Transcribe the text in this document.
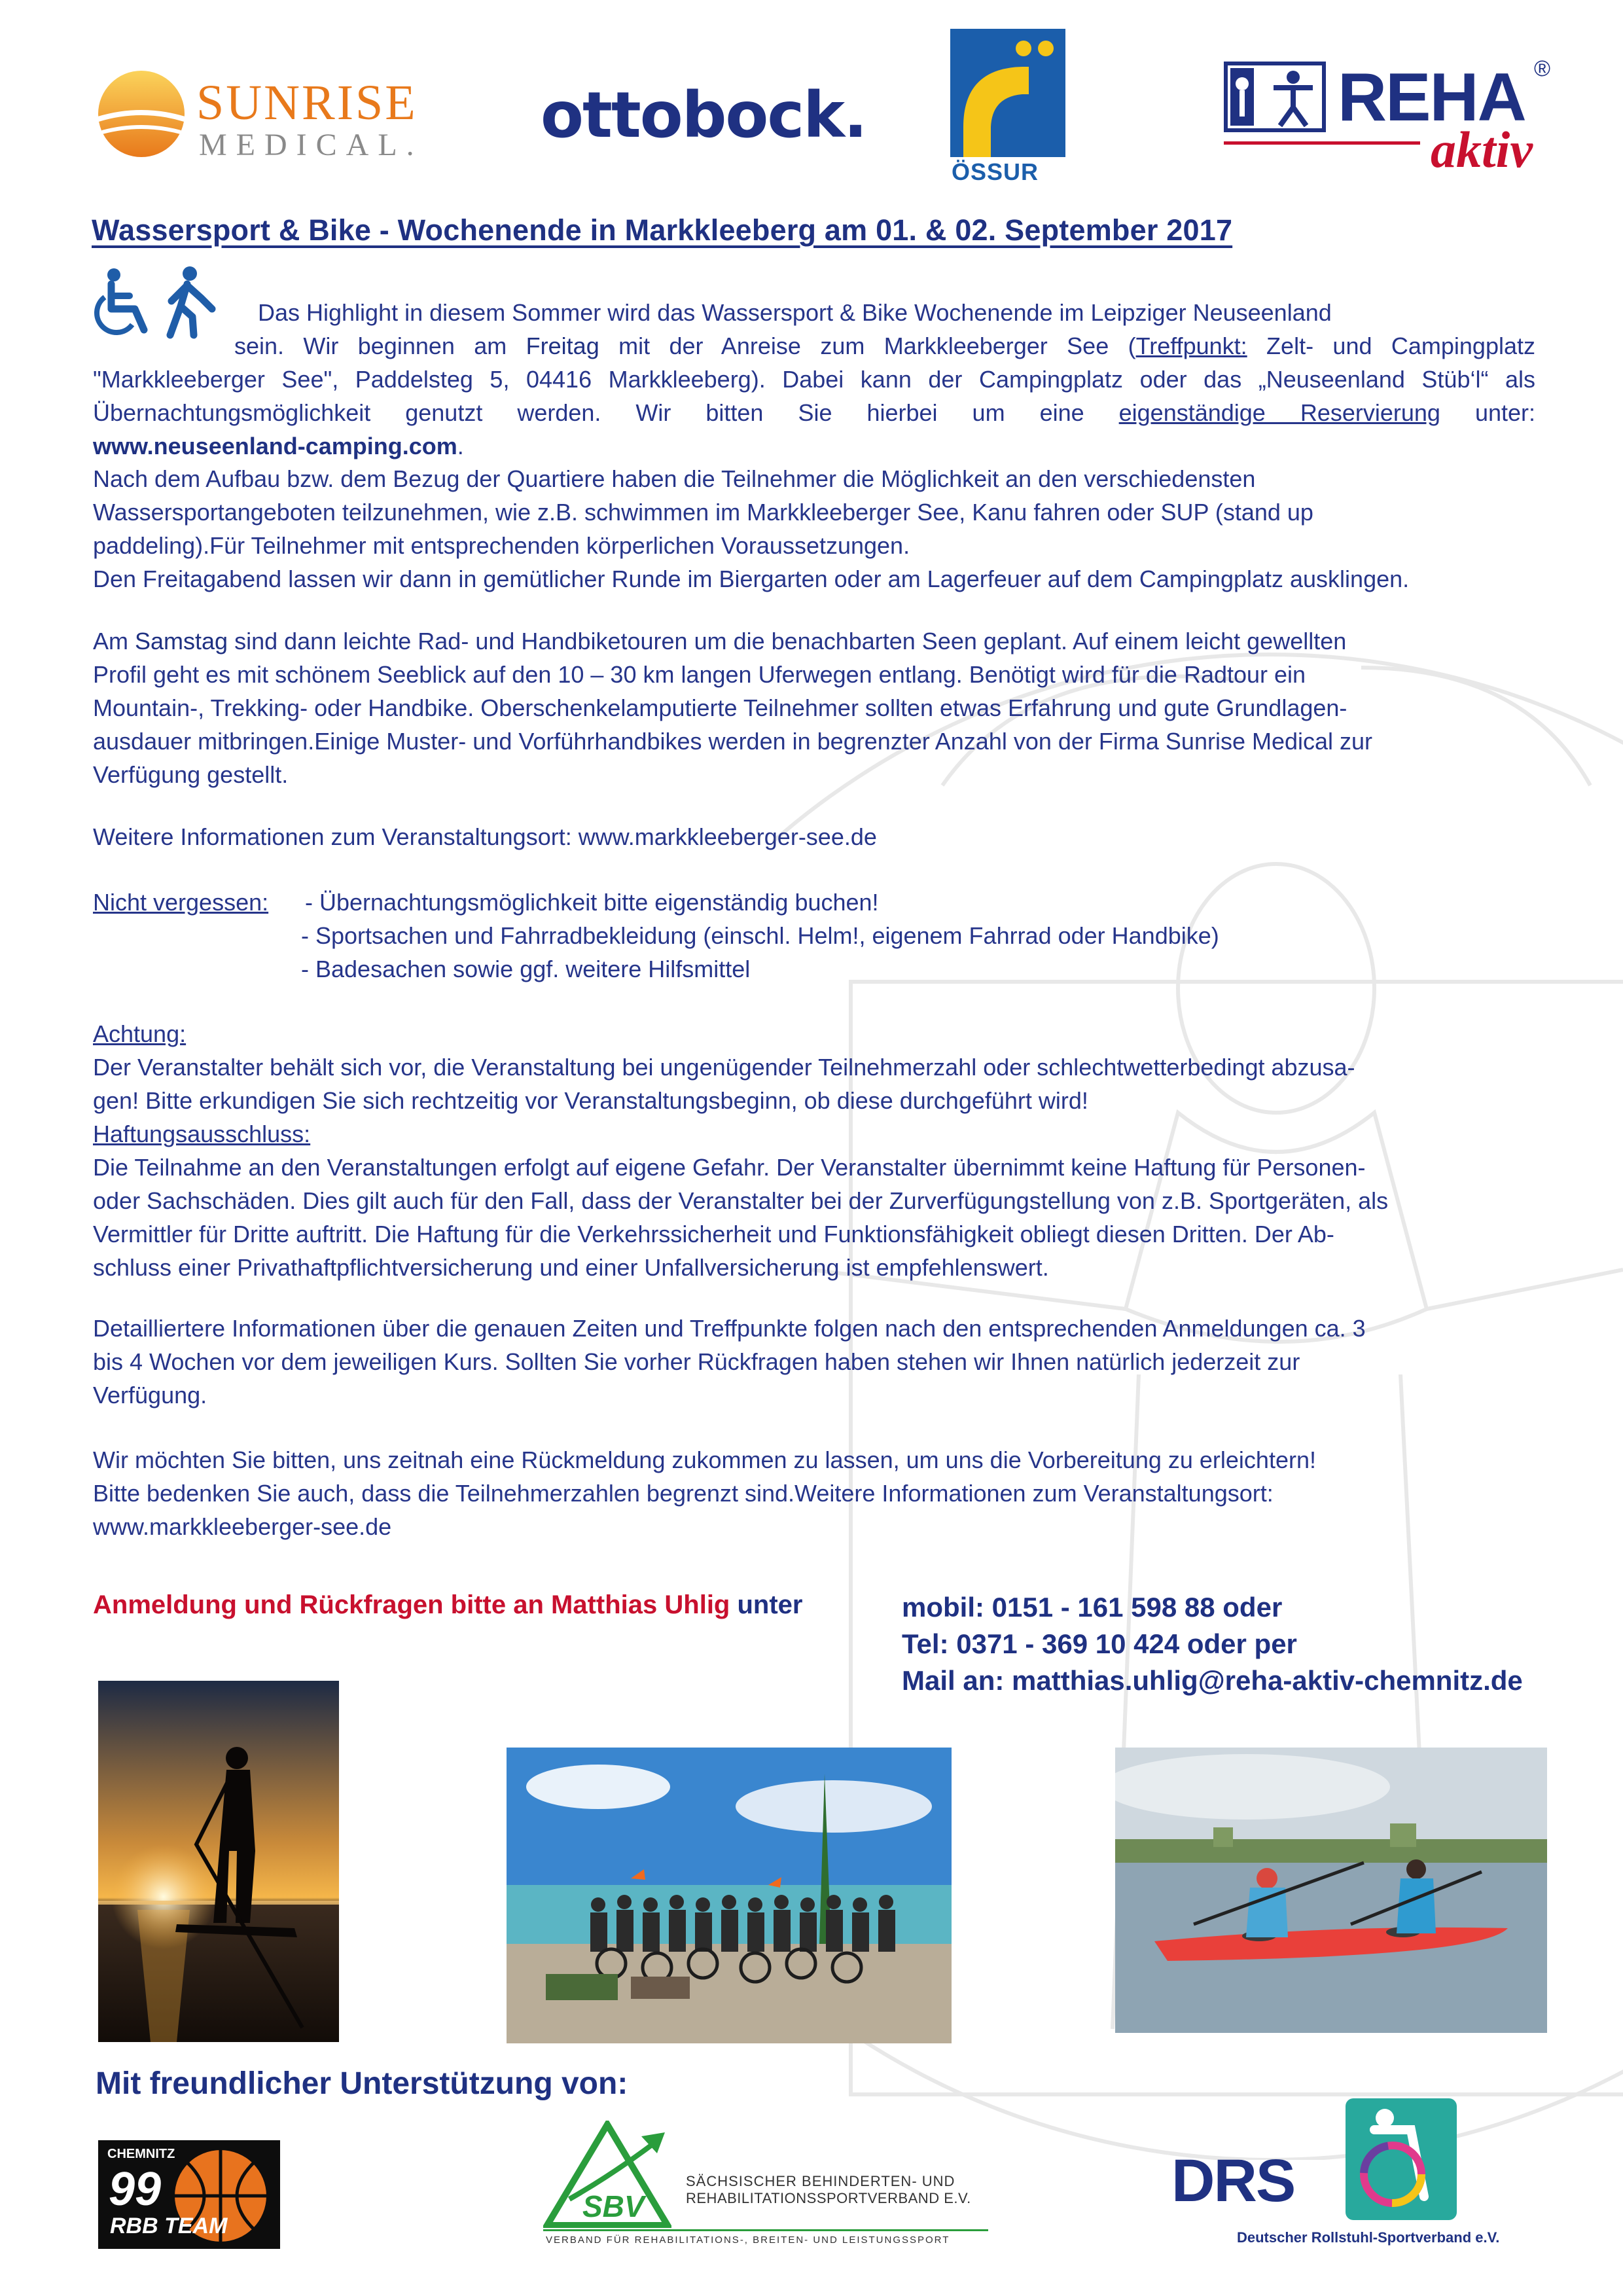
SUNRISE
MEDICAL. ottobock.
ÖSSUR
REHA ®
aktiv
Wassersport & Bike - Wochenende in Markkleeberg am 01. & 02. September 2017

Das Highlight in diesem Sommer wird das Wassersport & Bike Wochenende im Leipziger Neuseenland

sein. Wir beginnen am Freitag mit der Anreise zum Markkleeberger See (Treffpunkt: Zelt- und Campingplatz

"Markkleeberger See", Paddelsteg 5, 04416 Markkleeberg). Dabei kann der Campingplatz oder das „Neuseenland Stüb‘l“ als

Übernachtungsmöglichkeit genutzt werden. Wir bitten Sie hierbei um eine eigenständige Reservierung unter:

www.neuseenland-camping.com.

Nach dem Aufbau bzw. dem Bezug der Quartiere haben die Teilnehmer die Möglichkeit an den verschiedensten

Wassersportangeboten teilzunehmen, wie z.B. schwimmen im Markkleeberger See, Kanu fahren oder SUP (stand up

paddeling).Für Teilnehmer mit entsprechenden körperlichen Voraussetzungen.

Den Freitagabend lassen wir dann in gemütlicher Runde im Biergarten oder am Lagerfeuer auf dem Campingplatz ausklingen.

Am Samstag sind dann leichte Rad- und Handbiketouren um die benachbarten Seen geplant. Auf einem leicht gewellten

Profil geht es mit schönem Seeblick auf den 10 – 30 km langen Uferwegen entlang. Benötigt wird für die Radtour ein

Mountain-, Trekking- oder Handbike. Oberschenkelamputierte Teilnehmer sollten etwas Erfahrung und gute Grundlagen-

ausdauer mitbringen.Einige Muster- und Vorführhandbikes werden in begrenzter Anzahl von der Firma Sunrise Medical zur

Verfügung gestellt.

Weitere Informationen zum Veranstaltungsort: www.markkleeberger-see.de

Nicht vergessen: - Übernachtungsmöglichkeit bitte eigenständig buchen!
- Sportsachen und Fahrradbekleidung (einschl. Helm!, eigenem Fahrrad oder Handbike)
- Badesachen sowie ggf. weitere Hilfsmittel

Achtung:

Der Veranstalter behält sich vor, die Veranstaltung bei ungenügender Teilnehmerzahl oder schlechtwetterbedingt abzusa-

gen! Bitte erkundigen Sie sich rechtzeitig vor Veranstaltungsbeginn, ob diese durchgeführt wird!

Haftungsausschluss:

Die Teilnahme an den Veranstaltungen erfolgt auf eigene Gefahr. Der Veranstalter übernimmt keine Haftung für Personen-

oder Sachschäden. Dies gilt auch für den Fall, dass der Veranstalter bei der Zurverfügungstellung von z.B. Sportgeräten, als

Vermittler für Dritte auftritt. Die Haftung für die Verkehrssicherheit und Funktionsfähigkeit obliegt diesen Dritten. Der Ab-

schluss einer Privathaftpflichtversicherung und einer Unfallversicherung ist empfehlenswert.

Detailliertere Informationen über die genauen Zeiten und Treffpunkte folgen nach den entsprechenden Anmeldungen ca. 3

bis 4 Wochen vor dem jeweiligen Kurs. Sollten Sie vorher Rückfragen haben stehen wir Ihnen natürlich jederzeit zur

Verfügung.

Wir möchten Sie bitten, uns zeitnah eine Rückmeldung zukommen zu lassen, um uns die Vorbereitung zu erleichtern!

Bitte bedenken Sie auch, dass die Teilnehmerzahlen begrenzt sind.Weitere Informationen zum Veranstaltungsort:

www.markkleeberger-see.de

Anmeldung und Rückfragen bitte an Matthias Uhlig unter	mobil: 0151 - 161 598 88 oder
Tel: 0371 - 369 10 424 oder per
Mail an: matthias.uhlig@reha-aktiv-chemnitz.de
Mit freundlicher Unterstützung von:
CHEMNITZ
99
RBB TEAM
SBV
SÄCHSISCHER BEHINDERTEN- UND
REHABILITATIONSSPORTVERBAND E.V.
VERBAND FÜR REHABILITATIONS-, BREITEN- UND LEISTUNGSSPORT
DRS
Deutscher Rollstuhl-Sportverband e.V.
